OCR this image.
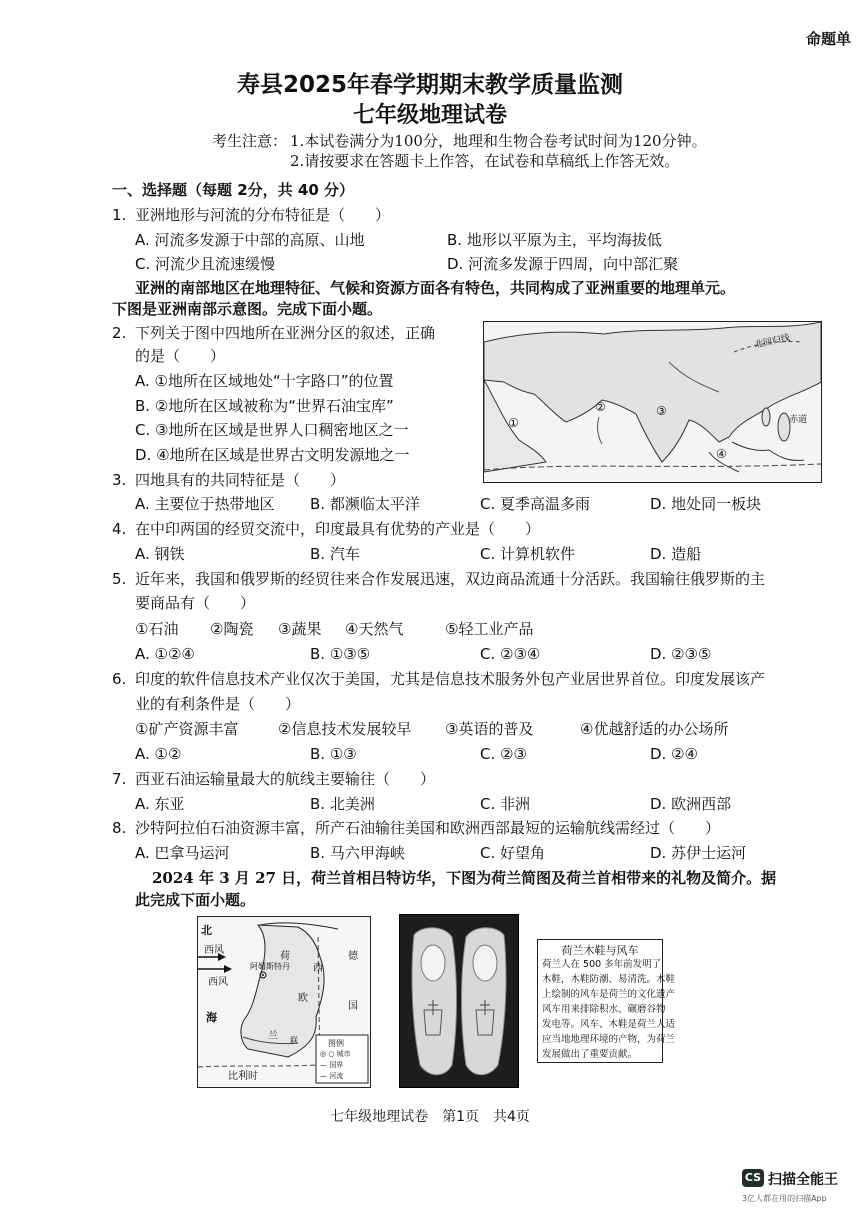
命题单
寿县2025年春学期期末教学质量监测
七年级地理试卷
考生注意： 1.本试卷满分为100分，地理和生物合卷考试时间为120分钟。
2.请按要求在答题卡上作答，在试卷和草稿纸上作答无效。
一、选择题（每题 2分，共 40 分）
1. 亚洲地形与河流的分布特征是（　　）
A. 河流多发源于中部的高原、山地	B. 地形以平原为主，平均海拔低
C. 河流少且流速缓慢	D. 河流多发源于四周，向中部汇聚
亚洲的南部地区在地理特征、气候和资源方面各有特色，共同构成了亚洲重要的地理单元。
下图是亚洲南部示意图。完成下面小题。
2. 下列关于图中四地所在亚洲分区的叙述，正确
的是（　　）
A. ①地所在区域地处“十字路口”的位置
B. ②地所在区域被称为“世界石油宝库”
C. ③地所在区域是世界人口稠密地区之一
D. ④地所在区域是世界古文明发源地之一
①
②	③
④
北回归线
赤道
3. 四地具有的共同特征是（　　）
A. 主要位于热带地区 B. 都濒临太平洋	C. 夏季高温多雨	D. 地处同一板块
4. 在中印两国的经贸交流中，印度最具有优势的产业是（　　）
A. 钢铁	B. 汽车	C. 计算机软件	D. 造船
5. 近年来，我国和俄罗斯的经贸往来合作发展迅速，双边商品流通十分活跃。我国输往俄罗斯的主
要商品有（　　）
①石油 ②陶瓷 ③蔬果 ④天然气	⑤轻工业产品
A. ①②④	B. ①③⑤	C. ②③④	D. ②③⑤
6. 印度的软件信息技术产业仅次于美国，尤其是信息技术服务外包产业居世界首位。印度发展该产
业的有利条件是（　　）
①矿产资源丰富	②信息技术发展较早 ③英语的普及	④优越舒适的办公场所
A. ①②	B. ①③	C. ②③	D. ②④
7. 西亚石油运输量最大的航线主要输往（　　）
A. 东亚	B. 北美洲	C. 非洲	D. 欧洲西部
8. 沙特阿拉伯石油资源丰富，所产石油输往美国和欧洲西部最短的运输航线需经过（　　）
A. 巴拿马运河	B. 马六甲海峡	C. 好望角	D. 苏伊士运河
2024 年 3 月 27 日，荷兰首相吕特访华，下图为荷兰简图及荷兰首相带来的礼物及简介。据
此完成下面小题。
北
西风
西风
海
荷
西
兰
欧
德
国
阿姆斯特丹
联
比利时
图例
◎ ○ 城市
— 国界
— 河流
荷兰木鞋与风车
荷兰人在 500 多年前发明了
木鞋，木鞋防潮、易清洗。木鞋
上绘制的风车是荷兰的文化遗产
风车用来排除积水、碾磨谷物
发电等。风车、木鞋是荷兰人适
应当地地理环境的产物，为荷兰
发展做出了重要贡献。
七年级地理试卷　第1页　共4页
CS 扫描全能王
3亿人都在用的扫描App
